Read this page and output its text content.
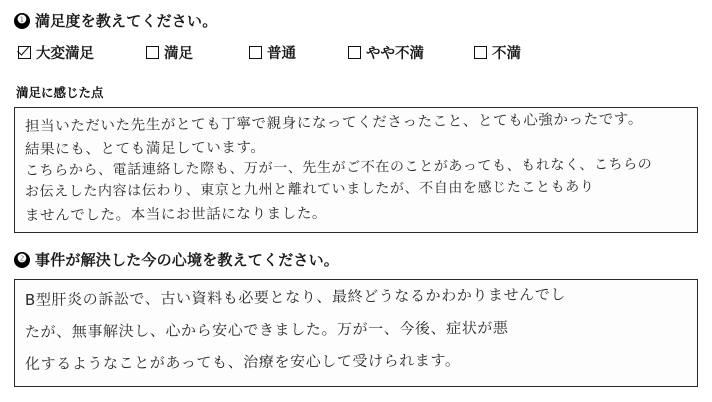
❶ 満足度を教えてください。
大変満足	満足	普通	やや不満	不満
満足に感じた点
担当いただいた先生がとても丁寧で親身になってくださったこと、とても心強かったです。
結果にも、とても満足しています。
こちらから、電話連絡した際も、万が一、先生がご不在のことがあっても、もれなく、こちらの
お伝えした内容は伝わり、東京と九州と離れていましたが、不自由を感じたこともあり
ませんでした。本当にお世話になりました。
❷ 事件が解決した今の心境を教えてください。
B型肝炎の訴訟で、古い資料も必要となり、最終どうなるかわかりませんでし
たが、無事解決し、心から安心できました。万が一、今後、症状が悪
化するようなことがあっても、治療を安心して受けられます。
